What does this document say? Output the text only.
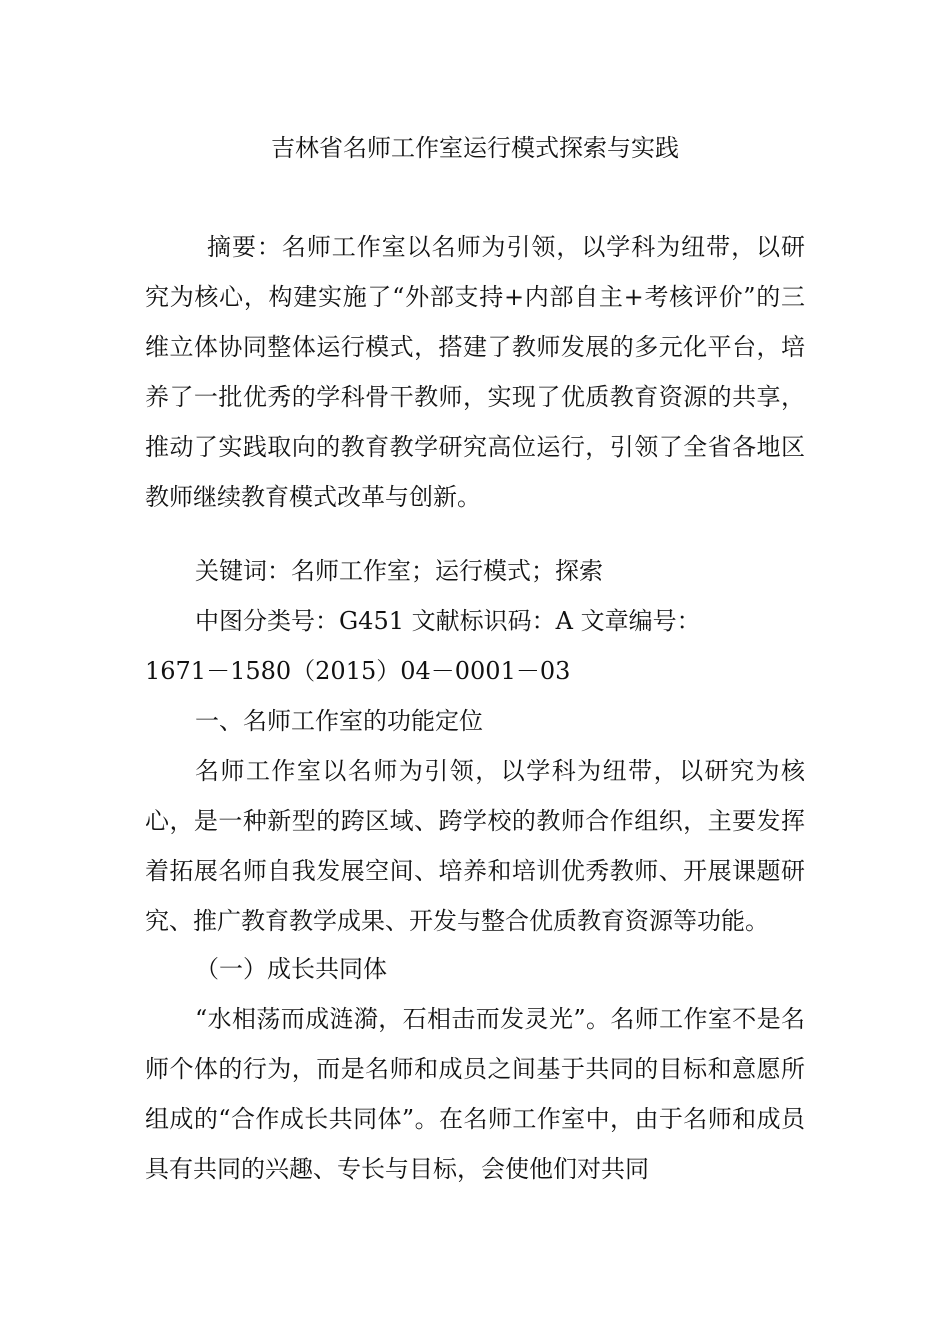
吉林省名师工作室运行模式探索与实践
摘要：名师工作室以名师为引领，以学科为纽带，以研究为核心，构建实施了“外部支持+内部自主+考核评价”的三维立体协同整体运行模式，搭建了教师发展的多元化平台，培养了一批优秀的学科骨干教师，实现了优质教育资源的共享，推动了实践取向的教育教学研究高位运行，引领了全省各地区教师继续教育模式改革与创新。
关键词：名师工作室；运行模式；探索
中图分类号：G451 文献标识码：A 文章编号：
1671－1580（2015）04－0001－03
一、名师工作室的功能定位
名师工作室以名师为引领，以学科为纽带，以研究为核心，是一种新型的跨区域、跨学校的教师合作组织，主要发挥着拓展名师自我发展空间、培养和培训优秀教师、开展课题研究、推广教育教学成果、开发与整合优质教育资源等功能。
（一）成长共同体
“水相荡而成涟漪，石相击而发灵光”。名师工作室不是名师个体的行为，而是名师和成员之间基于共同的目标和意愿所组成的“合作成长共同体”。在名师工作室中，由于名师和成员具有共同的兴趣、专长与目标，会使他们对共同
